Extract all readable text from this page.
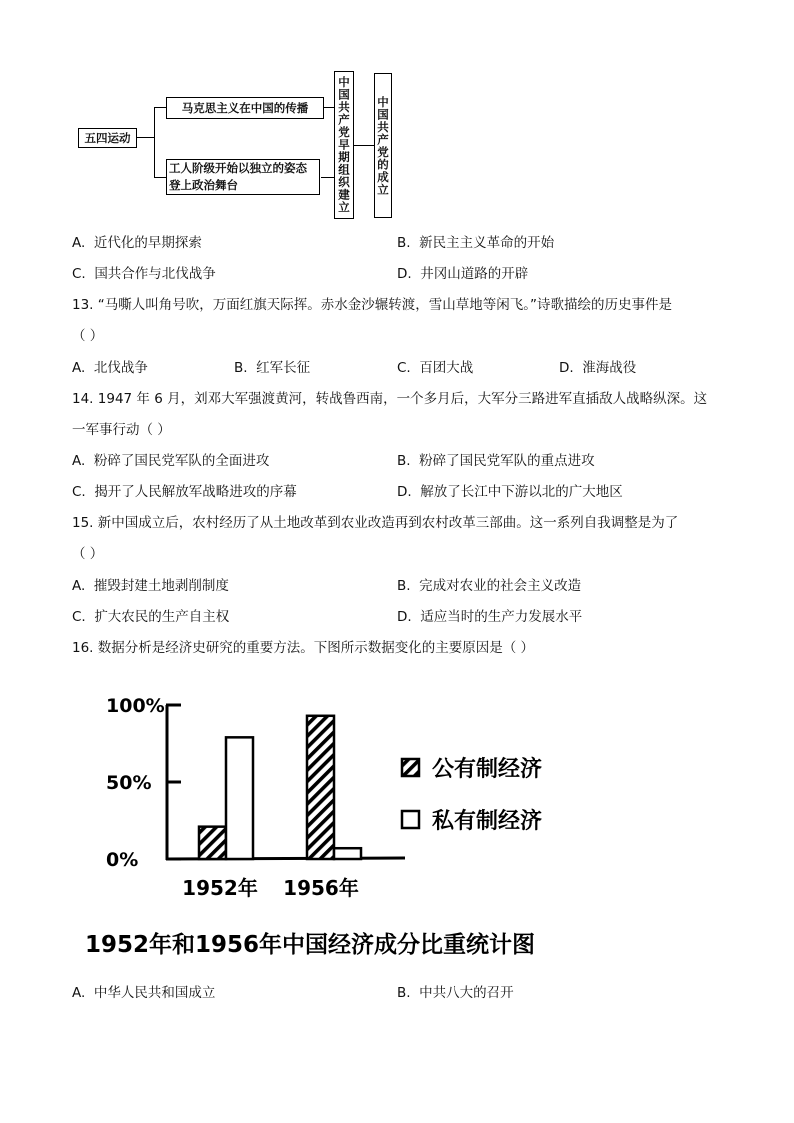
五四运动
马克思主义在中国的传播
工人阶级开始以独立的姿态登上政治舞台	中国共产党早期组织建立 中国共产党的成立
A. 近代化的早期探索	B. 新民主主义革命的开始
C. 国共合作与北伐战争	D. 井冈山道路的开辟
13. “马嘶人叫角号吹，万面红旗天际挥。赤水金沙辗转渡，雪山草地等闲飞。”诗歌描绘的历史事件是
（ ）
A. 北伐战争	B. 红军长征	C. 百团大战	D. 淮海战役
14. 1947 年 6 月，刘邓大军强渡黄河，转战鲁西南，一个多月后，大军分三路进军直插敌人战略纵深。这
一军事行动（ ）
A. 粉碎了国民党军队的全面进攻	B. 粉碎了国民党军队的重点进攻
C. 揭开了人民解放军战略进攻的序幕	D. 解放了长江中下游以北的广大地区
15. 新中国成立后，农村经历了从土地改革到农业改造再到农村改革三部曲。这一系列自我调整是为了
（ ）
A. 摧毁封建土地剥削制度	B. 完成对农业的社会主义改造
C. 扩大农民的生产自主权	D. 适应当时的生产力发展水平
16. 数据分析是经济史研究的重要方法。下图所示数据变化的主要原因是（ ）
100%
50%
0%
1952年 1956年
公有制经济
私有制经济
1952年和1956年中国经济成分比重统计图
A. 中华人民共和国成立	B. 中共八大的召开
